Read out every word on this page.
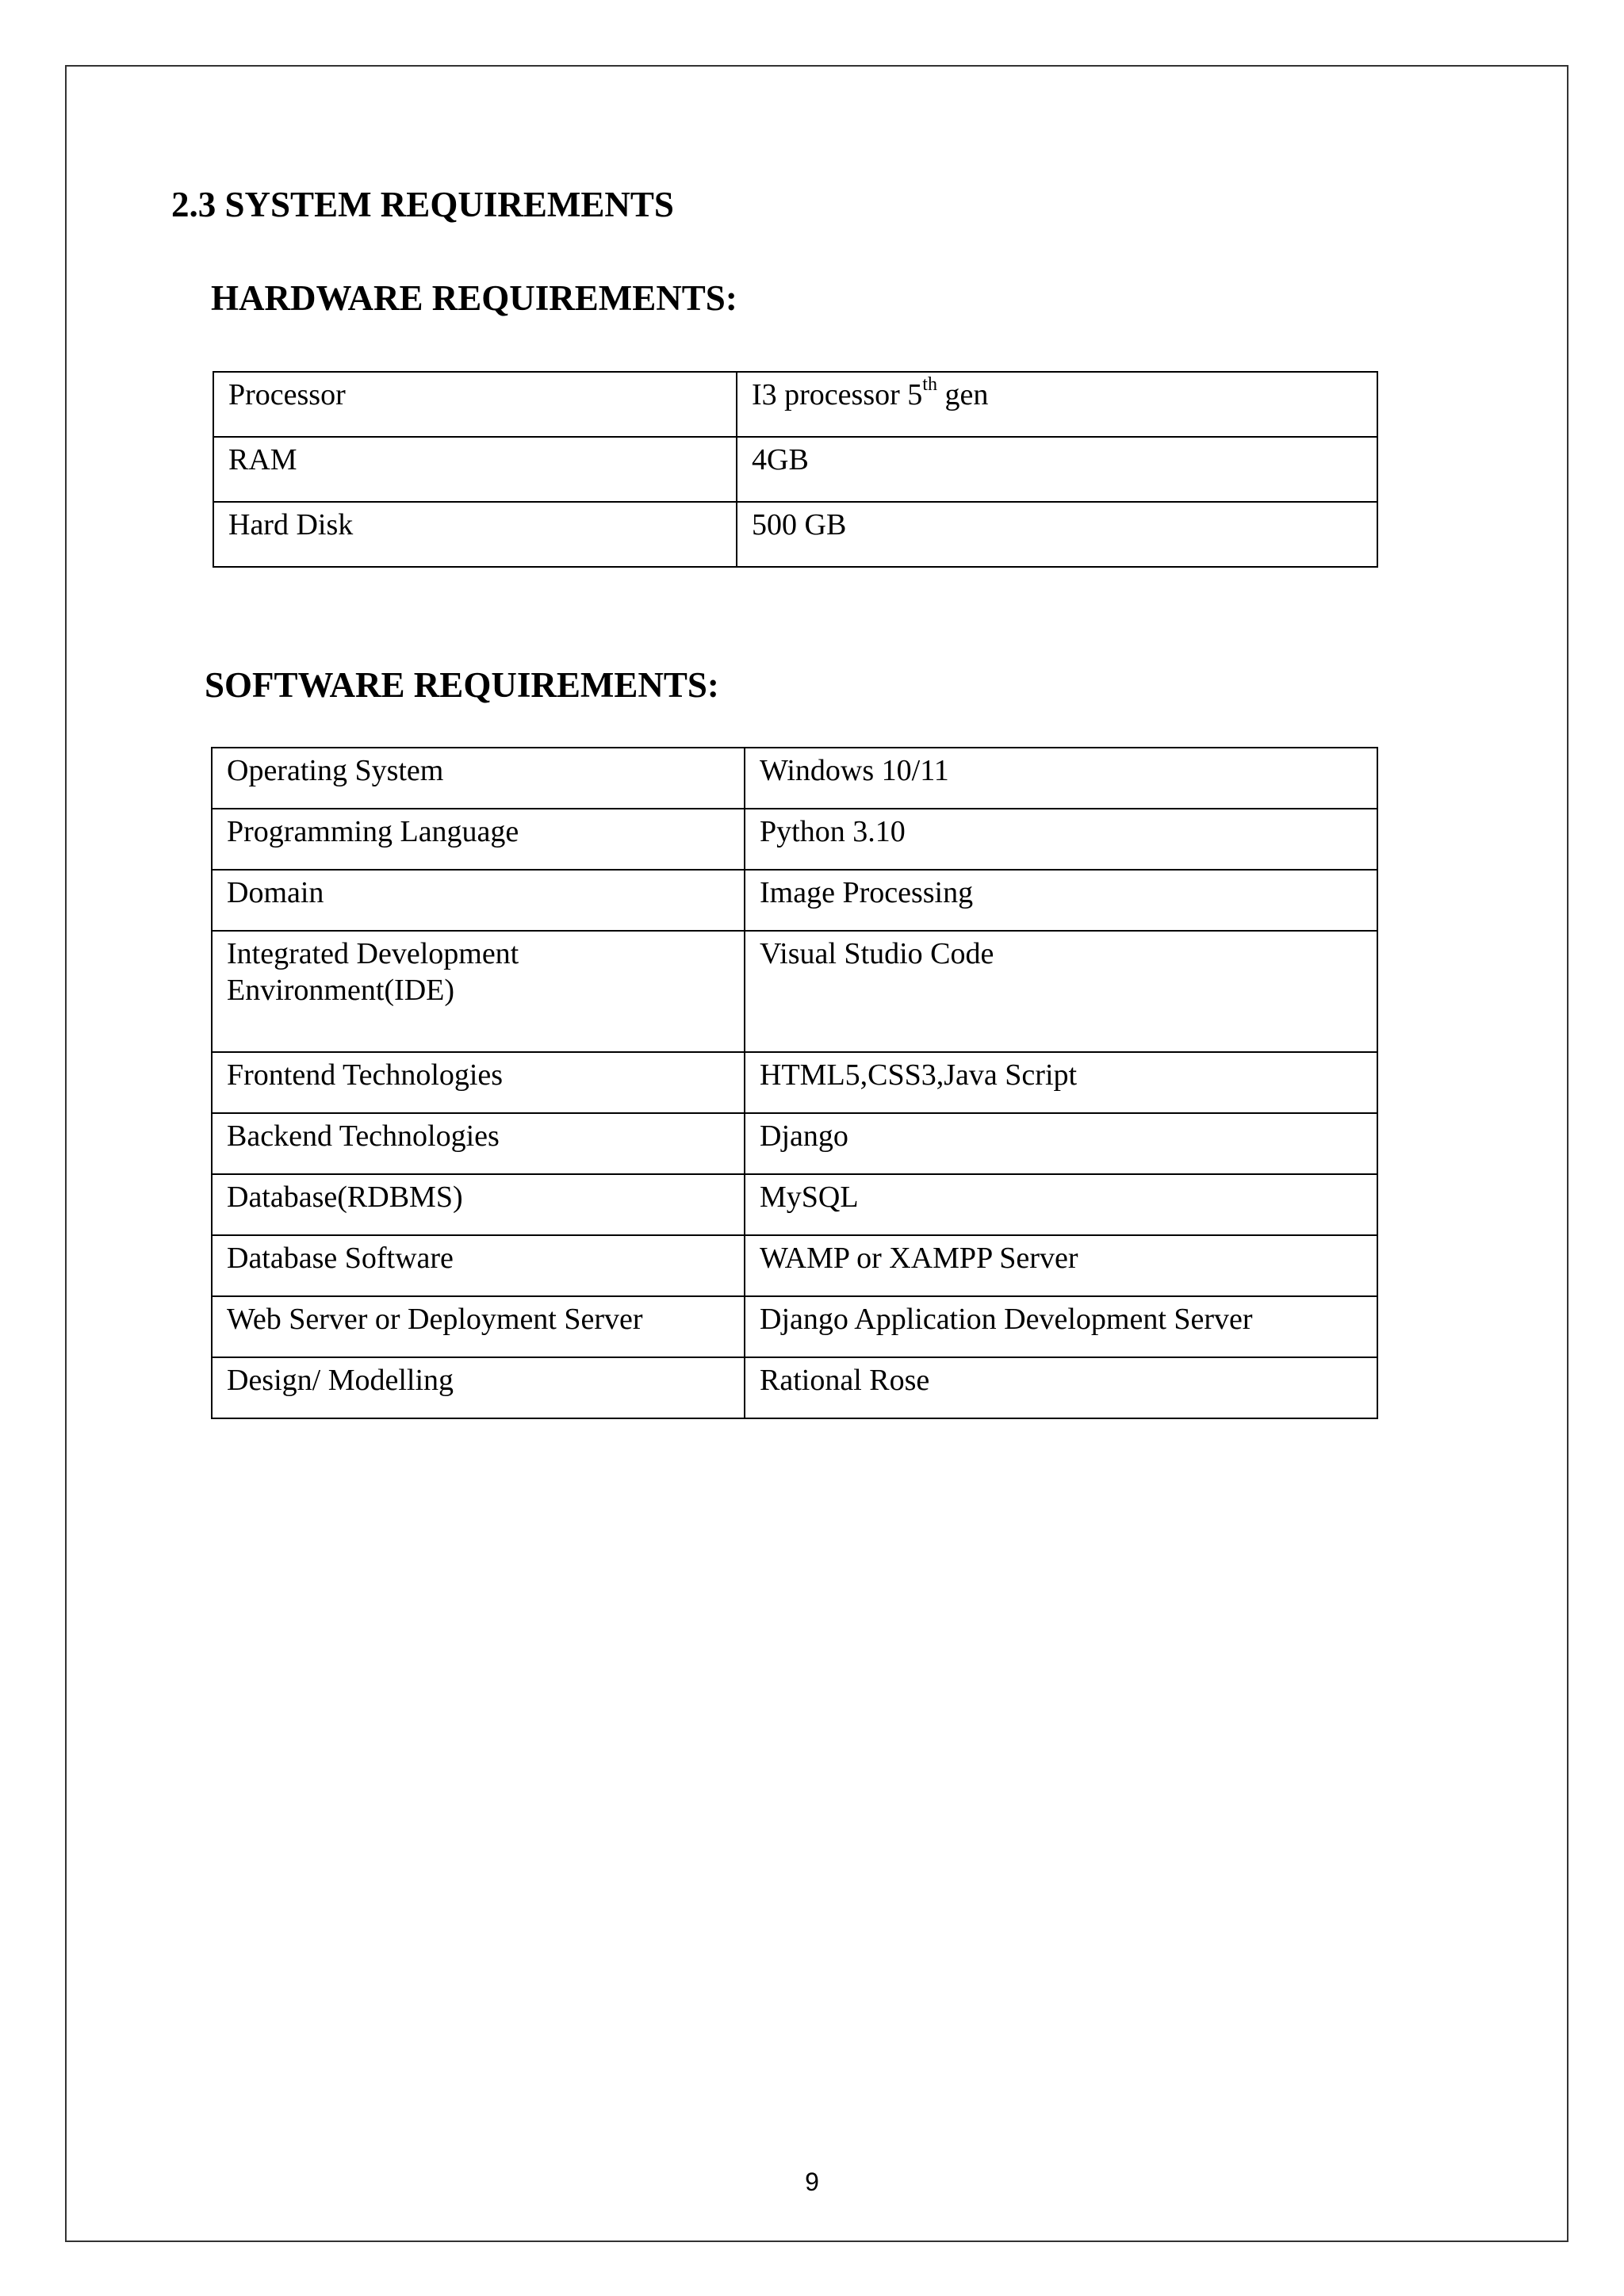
2.3 SYSTEM REQUIREMENTS
HARDWARE REQUIREMENTS:
Processor	I3 processor 5th gen
RAM	4GB
Hard Disk	500 GB
SOFTWARE REQUIREMENTS:
Operating System	Windows 10/11
Programming Language	Python 3.10
Domain	Image Processing

Integrated Development
Environment(IDE)	Visual Studio Code
Frontend Technologies	HTML5,CSS3,Java Script
Backend Technologies	Django
Database(RDBMS)	MySQL
Database Software	WAMP or XAMPP Server
Web Server or Deployment Server	Django Application Development Server
Design/ Modelling	Rational Rose
9
